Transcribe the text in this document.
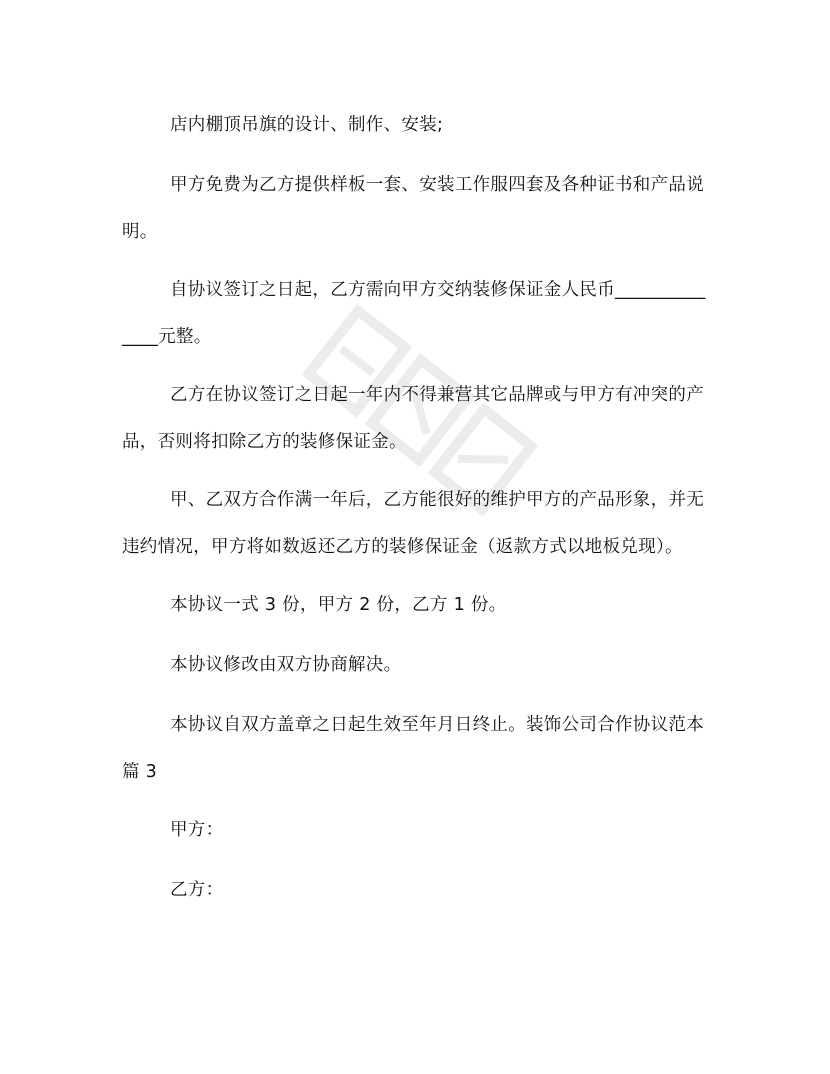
店内棚顶吊旗的设计、制作、安装;

甲方免费为乙方提供样板一套、安装工作服四套及各种证书和产品说明。

自协议签订之日起，乙方需向甲方交纳装修保证金人民币______________元整。

乙方在协议签订之日起一年内不得兼营其它品牌或与甲方有冲突的产品，否则将扣除乙方的装修保证金。

甲、乙双方合作满一年后，乙方能很好的维护甲方的产品形象，并无违约情况，甲方将如数返还乙方的装修保证金（返款方式以地板兑现）。

本协议一式 3 份，甲方 2 份，乙方 1 份。

本协议修改由双方协商解决。

本协议自双方盖章之日起生效至年月日终止。装饰公司合作协议范本 篇 3

甲方：

乙方：
